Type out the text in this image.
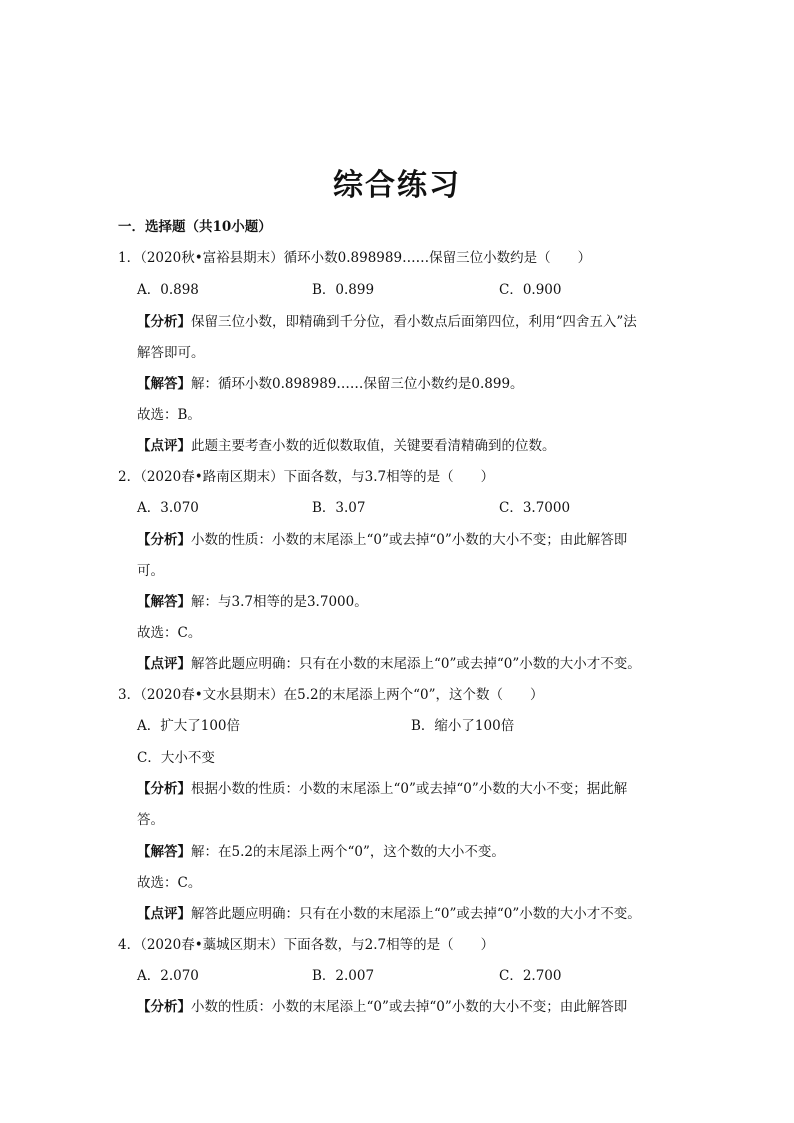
综合练习
一．选择题（共10小题）
1．（2020秋•富裕县期末）循环小数0.898989……保留三位小数约是（　　）
A．0.898	B．0.899	C．0.900
【分析】保留三位小数，即精确到千分位，看小数点后面第四位，利用“四舍五入”法
解答即可。
【解答】解：循环小数0.898989……保留三位小数约是0.899。
故选：B。
【点评】此题主要考查小数的近似数取值，关键要看清精确到的位数。
2．（2020春•路南区期末）下面各数，与3.7相等的是（　　）
A．3.070	B．3.07	C．3.7000
【分析】小数的性质：小数的末尾添上“0”或去掉“0”小数的大小不变；由此解答即
可。
【解答】解：与3.7相等的是3.7000。
故选：C。
【点评】解答此题应明确：只有在小数的末尾添上“0”或去掉“0”小数的大小才不变。
3．（2020春•文水县期末）在5.2的末尾添上两个“0”，这个数（　　）
A．扩大了100倍	B．缩小了100倍
C．大小不变
【分析】根据小数的性质：小数的末尾添上“0”或去掉“0”小数的大小不变；据此解
答。
【解答】解：在5.2的末尾添上两个“0”，这个数的大小不变。
故选：C。
【点评】解答此题应明确：只有在小数的末尾添上“0”或去掉“0”小数的大小才不变。
4．（2020春•藁城区期末）下面各数，与2.7相等的是（　　）
A．2.070	B．2.007	C．2.700
【分析】小数的性质：小数的末尾添上“0”或去掉“0”小数的大小不变；由此解答即
